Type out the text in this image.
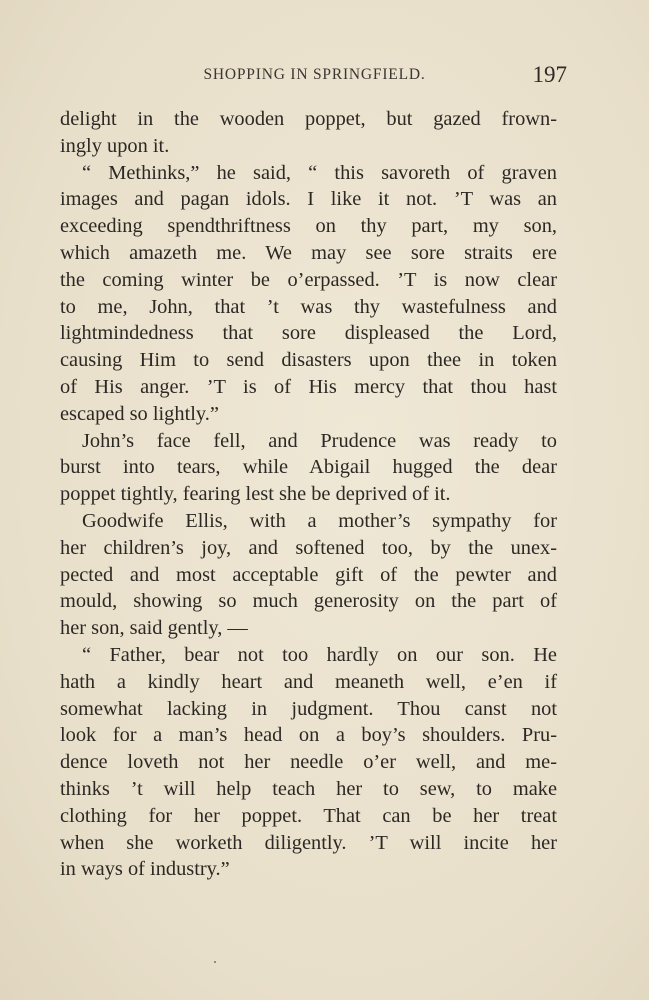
SHOPPING IN SPRINGFIELD.	197
delight in the wooden poppet, but gazed frown-
ingly upon it.
“ Methinks,” he said, “ this savoreth of graven
images and pagan idols. I like it not. ’T was an
exceeding spendthriftness on thy part, my son,
which amazeth me. We may see sore straits ere
the coming winter be o’erpassed. ’T is now clear
to me, John, that ’t was thy wastefulness and
lightmindedness that sore displeased the Lord,
causing Him to send disasters upon thee in token
of His anger. ’T is of His mercy that thou hast
escaped so lightly.”
John’s face fell, and Prudence was ready to
burst into tears, while Abigail hugged the dear
poppet tightly, fearing lest she be deprived of it.
Goodwife Ellis, with a mother’s sympathy for
her children’s joy, and softened too, by the unex-
pected and most acceptable gift of the pewter and
mould, showing so much generosity on the part of
her son, said gently, —
“ Father, bear not too hardly on our son. He
hath a kindly heart and meaneth well, e’en if
somewhat lacking in judgment. Thou canst not
look for a man’s head on a boy’s shoulders. Pru-
dence loveth not her needle o’er well, and me-
thinks ’t will help teach her to sew, to make
clothing for her poppet. That can be her treat
when she worketh diligently. ’T will incite her
in ways of industry.”
